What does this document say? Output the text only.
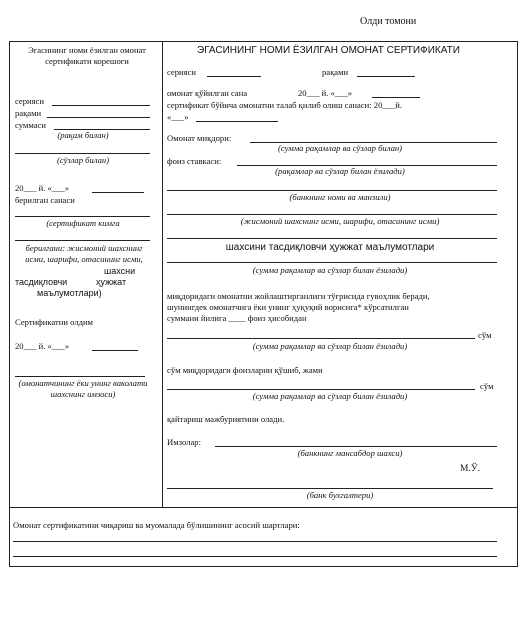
Олди томони
Эгасининг номи ёзилган омонат сертификати корешоги
серияси
рақами
суммаси
(рақам билан)
(сўзлар билан)
20___ й. «___»
берилган санаси
(сертификат кимга
берилгани: жисмоний шахснинг исми, шарифи, отасининг исми,
шахсни
тасдиқловчи	ҳужжат
маълумотлари)
Сертификатни олдим
20___ й. «___»
(омонатчининг ёки унинг ваколати шахснинг имзоси)
ЭГАСИНИНГ НОМИ ЁЗИЛГАН ОМОНАТ СЕРТИФИКАТИ
серияси	рақами
омонат қўйилган сана	20___ й. «___»
сертификат бўйича омонатни талаб қилиб олиш санаси: 20___й.
«___»
Омонат миқдори:
(сумма рақамлар ва сўзлар билан)
фоиз ставкаси:
(рақамлар ва сўзлар билан ёзилади)
(банкнинг номи ва манзили)
(жисмоний шахснинг исми, шарифи, отасининг исми)
шахсини тасдиқловчи ҳужжат маълумотлари
(сумма рақамлар ва сўзлар билан ёзилади)
миқдоридаги омонатни жойлаштирганлиги тўғрисида гувоҳлик беради,
шунингдек омонатчига ёки унинг ҳуқуқий ворисига* кўрсатилган
суммани йилига ____ фоиз ҳисобидан
сўм
(сумма рақамлар ва сўзлар билан ёзилади)
сўм миқдоридаги фоизларни қўшиб, жами
сўм
(сумма рақамлар ва сўзлар билан ёзилади)
қайтариш мажбуриятини олади.
Имзолар:
(банкнинг мансабдор шахси)
М.Ў.
(банк бухгалтери)
Омонат сертификатини чиқариш ва муомалада бўлишининг асосий шартлари:
